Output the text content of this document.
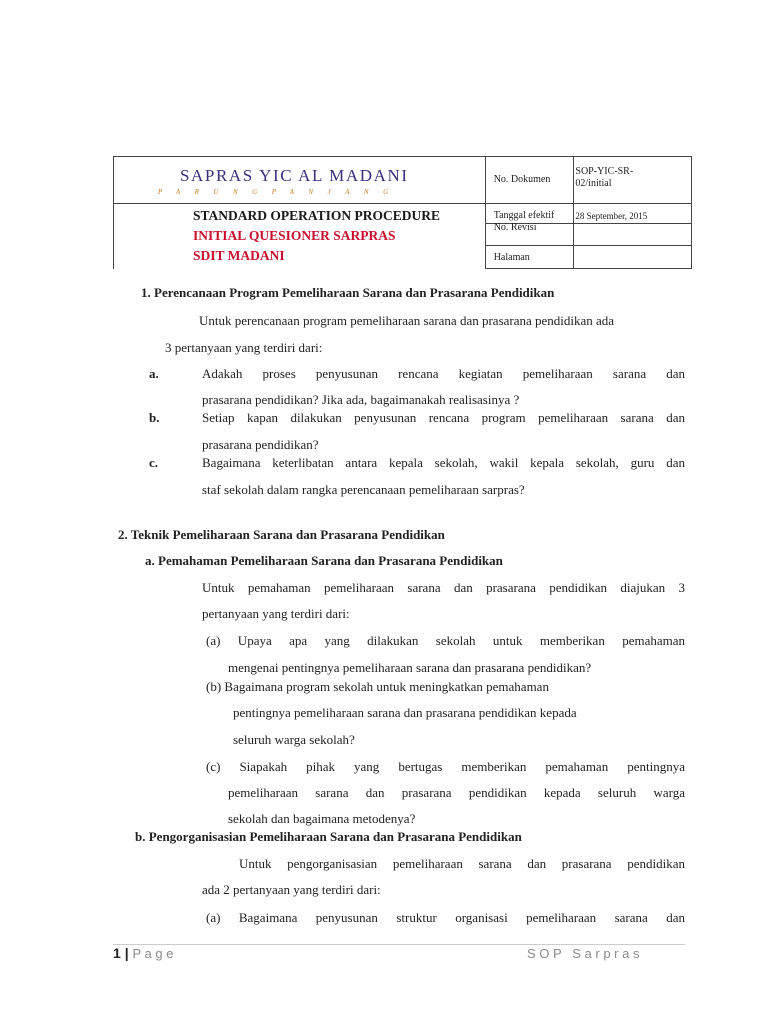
SAPRAS YIC AL MADANI
PARUNGPANJANG	No. Dokumen	SOP-YIC-SR-02/initial

STANDARD OPERATION PROCEDURE
INITIAL QUESIONER SARPRAS
SDIT MADANI	Tanggal efektif	28 September, 2015

	No. Revisi	

	Halaman	

1. Perencanaan Program Pemeliharaan Sarana dan Prasarana Pendidikan
Untuk perencanaan program pemeliharaan sarana dan prasarana pendidikan ada
3 pertanyaan yang terdiri dari:
a.	Adakah proses penyusunan rencana kegiatan pemeliharaan sarana dan
prasarana pendidikan? Jika ada, bagaimanakah realisasinya ?
b.	Setiap kapan dilakukan penyusunan rencana program pemeliharaan sarana dan
prasarana pendidikan?
c.	Bagaimana keterlibatan antara kepala sekolah, wakil kepala sekolah, guru dan
staf sekolah dalam rangka perencanaan pemeliharaan sarpras?
2. Teknik Pemeliharaan Sarana dan Prasarana Pendidikan
a. Pemahaman Pemeliharaan Sarana dan Prasarana Pendidikan
Untuk pemahaman pemeliharaan sarana dan prasarana pendidikan diajukan 3
pertanyaan yang terdiri dari:
(a) Upaya apa yang dilakukan sekolah untuk memberikan pemahaman
mengenai pentingnya pemeliharaan sarana dan prasarana pendidikan?
(b) Bagaimana program sekolah untuk meningkatkan pemahaman
pentingnya pemeliharaan sarana dan prasarana pendidikan kepada
seluruh warga sekolah?
(c) Siapakah pihak yang bertugas memberikan pemahaman pentingnya
pemeliharaan sarana dan prasarana pendidikan kepada seluruh warga
sekolah dan bagaimana metodenya?
b. Pengorganisasian Pemeliharaan Sarana dan Prasarana Pendidikan
Untuk pengorganisasian pemeliharaan sarana dan prasarana pendidikan
ada 2 pertanyaan yang terdiri dari:
(a) Bagaimana penyusunan struktur organisasi pemeliharaan sarana dan
1 | P a g e	S O P   S a r p r a s
